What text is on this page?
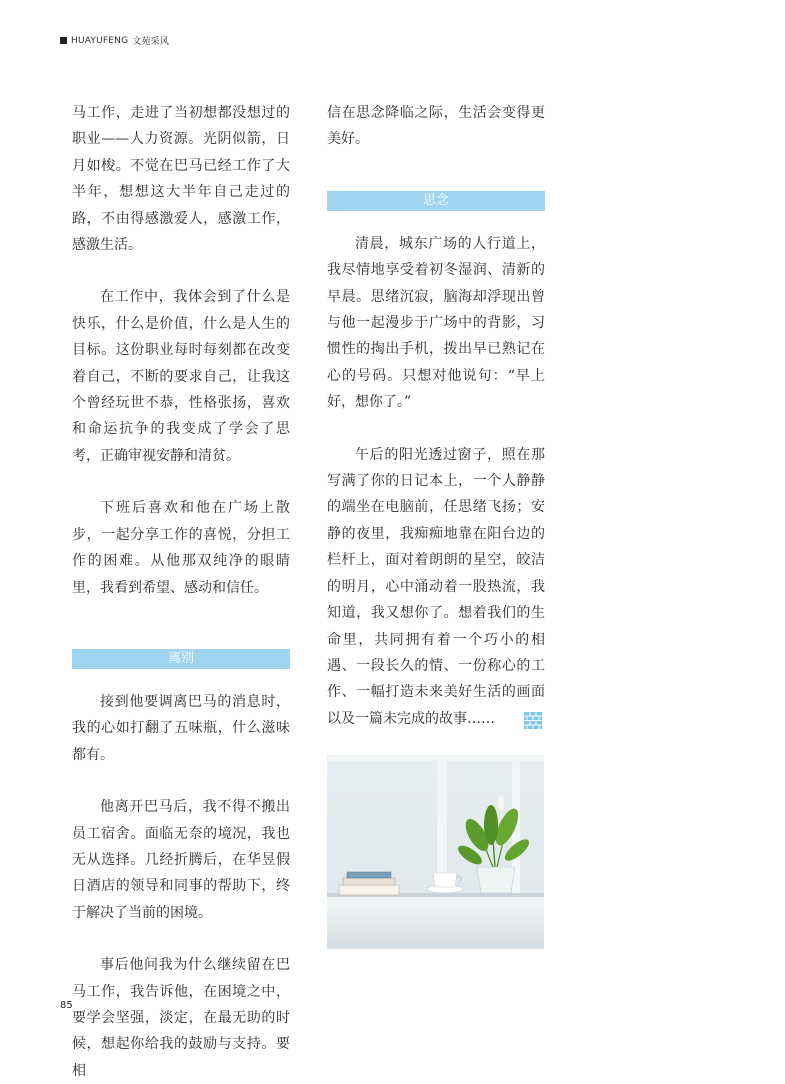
HUAYUFENG 文苑采风

马工作，走进了当初想都没想过的职业——人力资源。光阴似箭，日月如梭。不觉在巴马已经工作了大半年，想想这大半年自己走过的路，不由得感激爱人，感激工作，感激生活。

在工作中，我体会到了什么是快乐，什么是价值，什么是人生的目标。这份职业每时每刻都在改变着自己，不断的要求自己，让我这个曾经玩世不恭，性格张扬，喜欢和命运抗争的我变成了学会了思考，正确审视安静和清贫。

下班后喜欢和他在广场上散步，一起分享工作的喜悦，分担工作的困难。从他那双纯净的眼睛里，我看到希望、感动和信任。

离别

接到他要调离巴马的消息时，我的心如打翻了五味瓶，什么滋味都有。

他离开巴马后，我不得不搬出员工宿舍。面临无奈的境况，我也无从选择。几经折腾后，在华昱假日酒店的领导和同事的帮助下，终于解决了当前的困境。

事后他问我为什么继续留在巴马工作，我告诉他，在困境之中，要学会坚强，淡定，在最无助的时候，想起你给我的鼓励与支持。要相

信在思念降临之际，生活会变得更美好。

思念

清晨，城东广场的人行道上，我尽情地享受着初冬湿润、清新的早晨。思绪沉寂，脑海却浮现出曾与他一起漫步于广场中的背影，习惯性的掏出手机，拨出早已熟记在心的号码。只想对他说句：“早上好，想你了。”

午后的阳光透过窗子，照在那写满了你的日记本上，一个人静静的端坐在电脑前，任思绪飞扬；安静的夜里，我痴痴地靠在阳台边的栏杆上，面对着朗朗的星空，皎洁的明月，心中涌动着一股热流，我知道，我又想你了。想着我们的生命里，共同拥有着一个巧小的相遇、一段长久的情、一份称心的工作、一幅打造未来美好生活的画面以及一篇未完成的故事……

85
